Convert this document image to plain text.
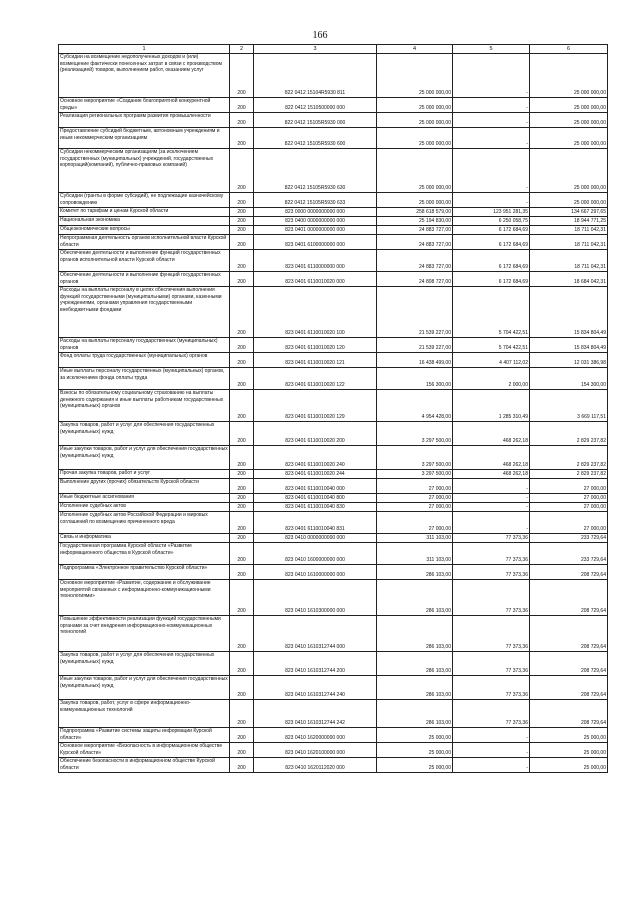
166
1	2	3	4	5	6
Субсидии на возмещение недополученных доходов и (или) возмещение фактически понесенных затрат в связи с производством (реализацией) товаров, выполнением работ, оказанием услуг	200	822 0412 15104R5930 811	25 000 000,00	-	25 000 000,00
Основное мероприятие «Создание благоприятной конкурентной среды»	200	822 0412 1510500000 000	25 000 000,00	-	25 000 000,00
Реализация региональных программ развития промышленности	200	822 0412 15105R5930 000	25 000 000,00	-	25 000 000,00
Предоставление субсидий бюджетным, автономным учреждениям и иным некоммерческим организациям	200	822 0412 15105R5930 600	25 000 000,00	-	25 000 000,00
Субсидии некоммерческим организациям (за исключением государственных (муниципальных) учреждений, государственных корпораций(компаний), публично-правовых компаний)	200	822 0412 15105R5930 630	25 000 000,00	-	25 000 000,00
Субсидии (гранты в форме субсидий), не подлежащие казначейскому сопровождению	200	822 0412 15105R5930 633	25 000 000,00	-	25 000 000,00
Комитет по тарифам и ценам Курской области	200	823 0000 0000000000 000	258 618 579,00	123 951 281,35	134 667 297,65
Национальная экономика	200	823 0400 0000000000 000	25 194 830,00	6 250 058,75	18 944 771,25
Общеэкономические вопросы	200	823 0401 0000000000 000	24 883 727,00	6 172 684,69	18 711 042,31
Непрограммная деятельность органов исполнительной власти Курской области	200	823 0401 6100000000 000	24 883 727,00	6 172 684,69	18 711 042,31
Обеспечение деятельности и выполнение функций государственных органов исполнительной власти Курской области	200	823 0401 6110000000 000	24 883 727,00	6 172 684,69	18 711 042,31
Обеспечение деятельности и выполнение функций государственных органов	200	823 0401 6110010020 000	24 808 727,00	6 172 684,69	18 684 042,31
Расходы на выплаты персоналу в целях обеспечения выполнения функций государственными (муниципальными) органами, казенными учреждениями, органами управления государственными внебюджетными фондами	200	823 0401 6110010020 100	21 539 227,00	5 704 422,51	15 834 804,49
Расходы на выплаты персоналу государственных (муниципальных) органов	200	823 0401 6110010020 120	21 539 227,00	5 704 422,51	15 834 804,49
Фонд оплаты труда государственных (муниципальных) органов	200	823 0401 6110010020 121	16 438 499,00	4 407 112,02	12 031 386,98
Иные выплаты персоналу государственных (муниципальных) органов, за исключением фонда оплаты труда	200	823 0401 6110010020 122	156 300,00	2 000,00	154 300,00
Взносы по обязательному социальному страхованию на выплаты денежного содержания и иные выплаты работникам государственных (муниципальных) органов	200	823 0401 6110010020 129	4 954 428,00	1 285 310,49	3 669 117,51
Закупка товаров, работ и услуг для обеспечения государственных (муниципальных) нужд	200	823 0401 6110010020 200	3 297 500,00	468 262,18	2 829 237,82
Иные закупки товаров, работ и услуг для обеспечения государственных (муниципальных) нужд	200	823 0401 6110010020 240	3 297 500,00	468 262,18	2 829 237,82
Прочая закупка товаров, работ и услуг	200	823 0401 6110010020 244	3 297 500,00	468 262,18	2 829 237,82
Выполнение других (прочих) обязательств Курской области	200	823 0401 6110010040 000	27 000,00	-	27 000,00
Иные бюджетные ассигнования	200	823 0401 6110010040 800	27 000,00	-	27 000,00
Исполнение судебных актов	200	823 0401 6110010040 830	27 000,00	-	27 000,00
Исполнение судебных актов Российской Федерации и мировых соглашений по возмещению причиненного вреда	200	823 0401 6110010040 831	27 000,00	-	27 000,00
Связь и информатика	200	823 0410 0000000000 000	311 103,00	77 373,36	233 729,64
Государственная программа Курской области «Развитие информационного общества в Курской области»	200	823 0410 1600000000 000	311 103,00	77 373,36	233 729,64
Подпрограмма «Электронное правительство Курской области»	200	823 0410 1610000000 000	286 103,00	77 373,36	208 729,64
Основное мероприятие «Развитие, содержание и обслуживание мероприятий связанных с информационно-коммуникационными технологиями»	200	823 0410 1610300000 000	286 103,00	77 373,36	208 729,64
Повышение эффективности реализации функций государственными органами за счет внедрения информационно-коммуникационных технологий	200	823 0410 1610312744 000	286 103,00	77 373,36	208 729,64
Закупка товаров, работ и услуг для обеспечения государственных (муниципальных) нужд	200	823 0410 1610312744 200	286 103,00	77 373,36	208 729,64
Иные закупки товаров, работ и услуг для обеспечения государственных (муниципальных) нужд	200	823 0410 1610312744 240	286 103,00	77 373,36	208 729,64
Закупка товаров, работ, услуг в сфере информационно-коммуникационных технологий	200	823 0410 1610312744 242	286 103,00	77 373,36	208 729,64
Подпрограмма «Развитие системы защиты информации Курской области»	200	823 0410 1620000000 000	25 000,00	-	25 000,00
Основное мероприятие «Безопасность в информационном обществе Курской области»	200	823 0410 1620100000 000	25 000,00	-	25 000,00
Обеспечение безопасности в информационном обществе Курской области	200	823 0410 1620112020 000	25 000,00	-	25 000,00
